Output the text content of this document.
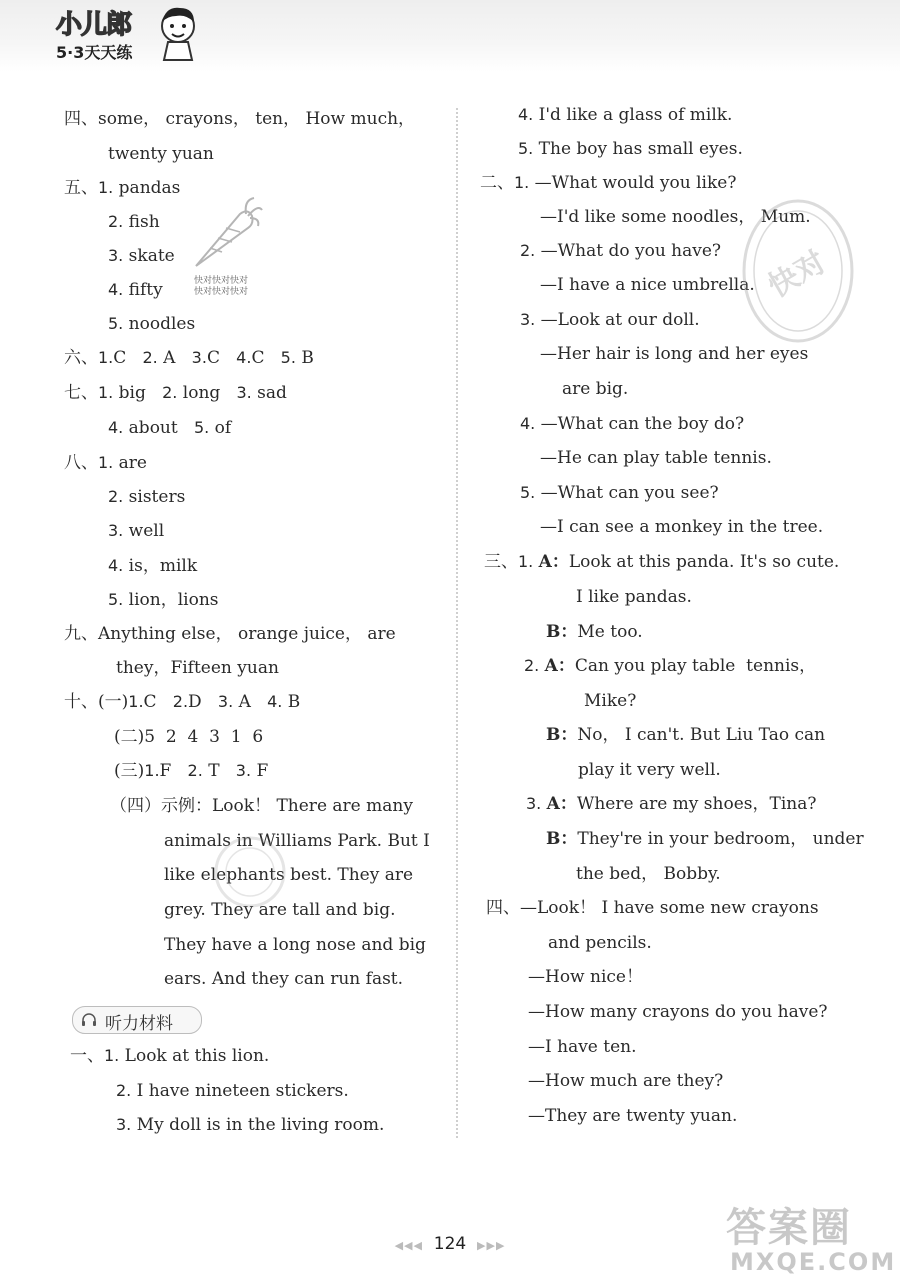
小儿郎
5·3天天练
四、some， crayons， ten， How much，
twenty yuan
五、1. pandas
2. fish
3. skate
4. fifty
5. noodles
六、1.C 2. A 3.C 4.C 5. B
七、1. big 2. long 3. sad
4. about 5. of
八、1. are
2. sisters
3. well
4. is，milk
5. lion，lions
九、Anything else， orange juice， are
they，Fifteen yuan
十、(一)1.C 2.D 3. A 4. B
(二)5  2  4  3  1  6
(三)1.F 2. T 3. F
（四）示例：Look！ There are many
animals in Williams Park. But I
like elephants best. They are
grey. They are tall and big.
They have a long nose and big
ears. And they can run fast.
听力材料
一、1. Look at this lion.
2. I have nineteen stickers.
3. My doll is in the living room.
4. I'd like a glass of milk.
5. The boy has small eyes.
二、1. —What would you like?
—I'd like some noodles， Mum.
2. —What do you have?
—I have a nice umbrella.
3. —Look at our doll.
—Her hair is long and her eyes
are big.
4. —What can the boy do?
—He can play table tennis.
5. —What can you see?
—I can see a monkey in the tree.
三、1. A：Look at this panda. It's so cute.
I like pandas.
B：Me too.
2. A：Can you play table  tennis，
Mike?
B：No， I can't. But Liu Tao can
play it very well.
3. A：Where are my shoes，Tina?
B：They're in your bedroom， under
the bed， Bobby.
四、—Look！ I have some new crayons
and pencils.
—How nice！
—How many crayons do you have?
—I have ten.
—How much are they?
—They are twenty yuan.
快对快对快对
快对快对快对	快对
答案圈
MXQE.COM
◀◀◀ 124 ▶▶▶
